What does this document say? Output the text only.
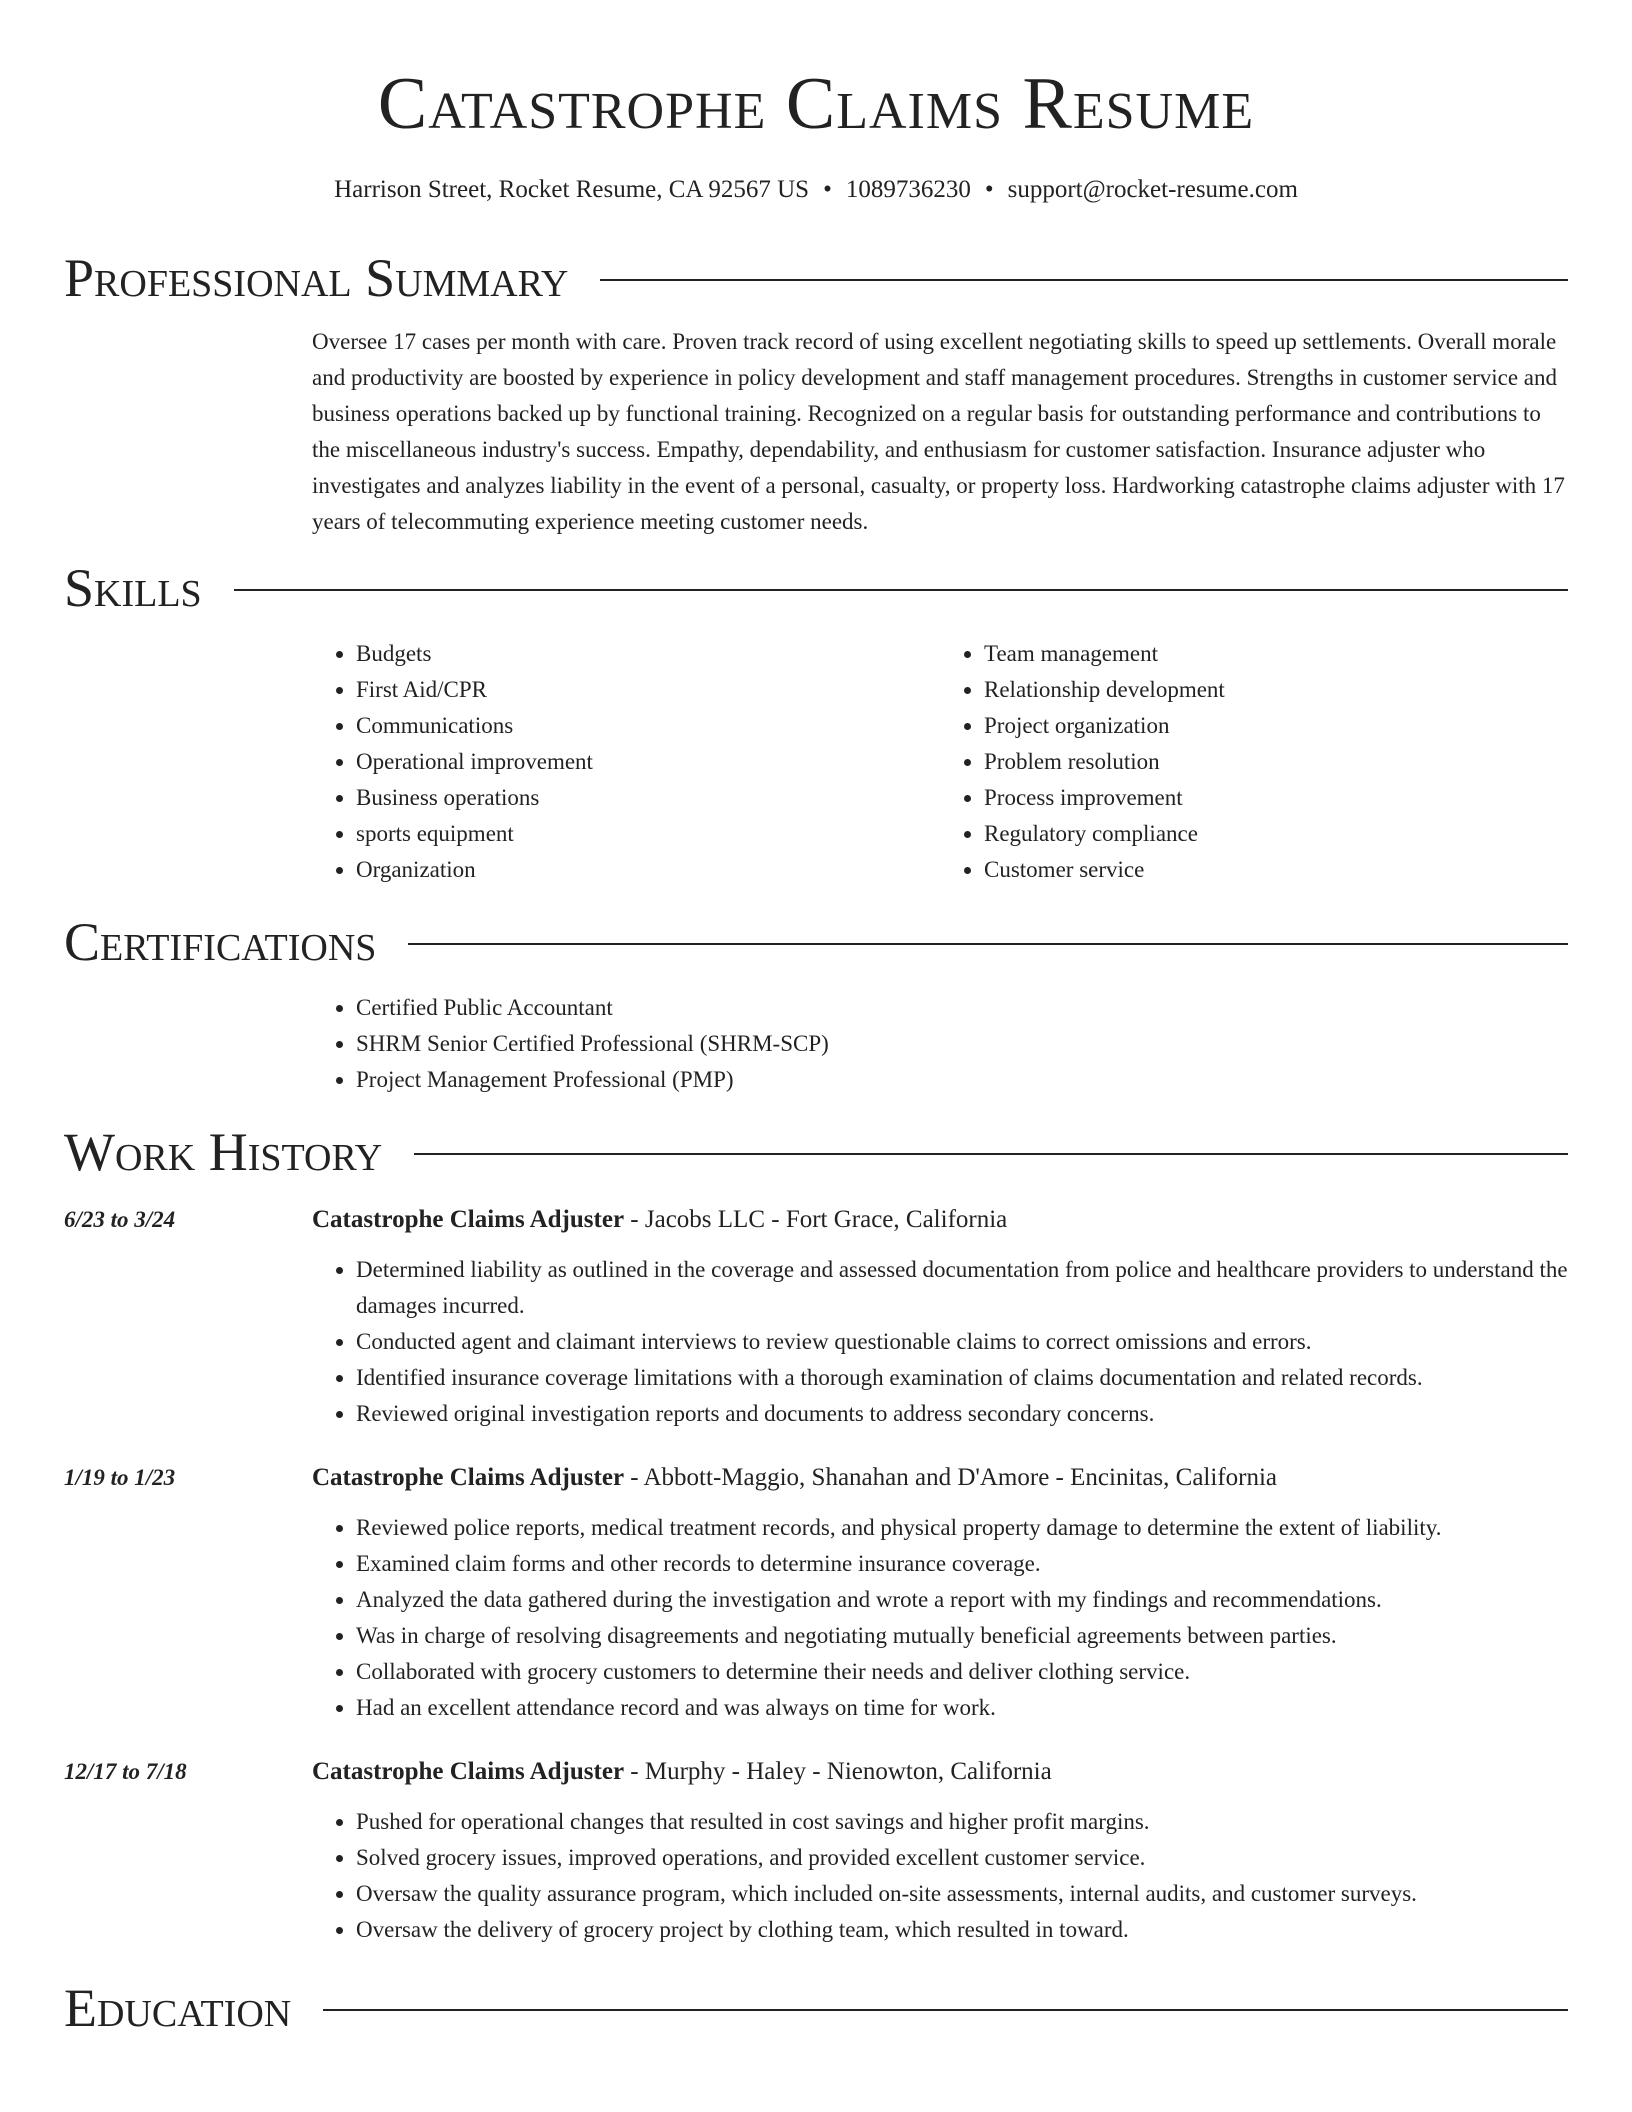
Catastrophe Claims Resume
Harrison Street, Rocket Resume, CA 92567 US • 1089736230 • support@rocket-resume.com
Professional Summary

Oversee 17 cases per month with care. Proven track record of using excellent negotiating skills to speed up settlements. Overall morale and productivity are boosted by experience in policy development and staff management procedures. Strengths in customer service and business operations backed up by functional training. Recognized on a regular basis for outstanding performance and contributions to the miscellaneous industry's success. Empathy, dependability, and enthusiasm for customer satisfaction. Insurance adjuster who investigates and analyzes liability in the event of a personal, casualty, or property loss. Hardworking catastrophe claims adjuster with 17 years of telecommuting experience meeting customer needs.

Skills
• Budgets
• First Aid/CPR
• Communications
• Operational improvement
• Business operations
• sports equipment
• Organization
• Team management
• Relationship development
• Project organization
• Problem resolution
• Process improvement
• Regulatory compliance
• Customer service
Certifications
• Certified Public Accountant
• SHRM Senior Certified Professional (SHRM-SCP)
• Project Management Professional (PMP)
Work History
6/23 to 3/24	Catastrophe Claims Adjuster - Jacobs LLC - Fort Grace, California
• Determined liability as outlined in the coverage and assessed documentation from police and healthcare providers to understand the damages incurred.
• Conducted agent and claimant interviews to review questionable claims to correct omissions and errors.
• Identified insurance coverage limitations with a thorough examination of claims documentation and related records.
• Reviewed original investigation reports and documents to address secondary concerns.
1/19 to 1/23	Catastrophe Claims Adjuster - Abbott-Maggio, Shanahan and D'Amore - Encinitas, California
• Reviewed police reports, medical treatment records, and physical property damage to determine the extent of liability.
• Examined claim forms and other records to determine insurance coverage.
• Analyzed the data gathered during the investigation and wrote a report with my findings and recommendations.
• Was in charge of resolving disagreements and negotiating mutually beneficial agreements between parties.
• Collaborated with grocery customers to determine their needs and deliver clothing service.
• Had an excellent attendance record and was always on time for work.
12/17 to 7/18	Catastrophe Claims Adjuster - Murphy - Haley - Nienowton, California
• Pushed for operational changes that resulted in cost savings and higher profit margins.
• Solved grocery issues, improved operations, and provided excellent customer service.
• Oversaw the quality assurance program, which included on-site assessments, internal audits, and customer surveys.
• Oversaw the delivery of grocery project by clothing team, which resulted in toward.
Education
